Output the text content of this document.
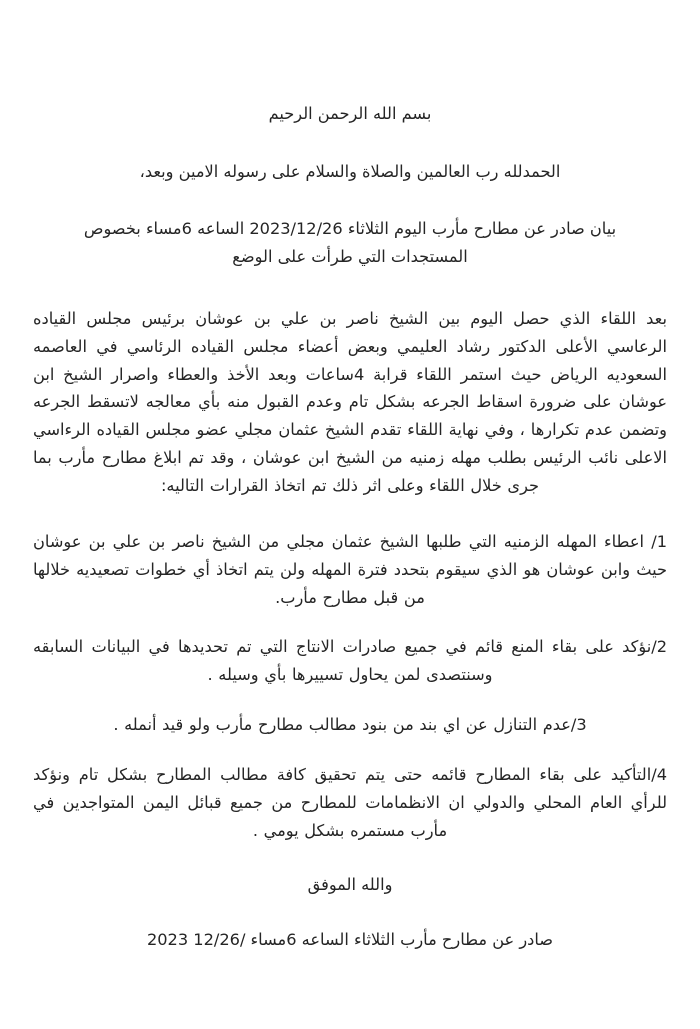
بسم الله الرحمن الرحيم

الحمدلله رب العالمين والصلاة والسلام على رسوله الامين وبعد،

بيان صادر عن مطارح مأرب اليوم الثلاثاء 2023/12/26 الساعه 6مساء بخصوص المستجدات التي طرأت على الوضع

بعد اللقاء الذي حصل اليوم بين الشيخ ناصر بن علي بن عوشان برئيس مجلس القياده الرعاسي الأعلى الدكتور رشاد العليمي وبعض أعضاء مجلس القياده الرئاسي في العاصمه السعوديه الرياض حيث استمر اللقاء قرابة 4ساعات وبعد الأخذ والعطاء واصرار الشيخ ابن عوشان على ضرورة اسقاط الجرعه بشكل تام وعدم القبول منه بأي معالجه لاتسقط الجرعه وتضمن عدم تكرارها ، وفي نهاية اللقاء تقدم الشيخ عثمان مجلي عضو مجلس القياده الرءاسي الاعلى نائب الرئيس بطلب مهله زمنيه من الشيخ ابن عوشان ، وقد تم ابلاغ مطارح مأرب بما جرى خلال اللقاء وعلى اثر ذلك تم اتخاذ القرارات التاليه:

1/ اعطاء المهله الزمنيه التي طلبها الشيخ عثمان مجلي من الشيخ ناصر بن علي بن عوشان حيث وابن عوشان هو الذي سيقوم بتحدد فترة المهله ولن يتم اتخاذ أي خطوات تصعيديه خلالها من قبل مطارح مأرب.

2/نؤكد على بقاء المنع قائم في جميع صادرات الانتاج التي تم تحديدها في البيانات السابقه وسنتصدى لمن يحاول تسييرها بأي وسيله .

3/عدم التنازل عن اي بند من بنود مطالب مطارح مأرب ولو قيد أنمله .

4/التأكيد على بقاء المطارح قائمه حتى يتم تحقيق كافة مطالب المطارح بشكل تام ونؤكد للرأي العام المحلي والدولي ان الانظمامات للمطارح من جميع قبائل اليمن المتواجدين في مأرب مستمره بشكل يومي .

والله الموفق

صادر عن مطارح مأرب الثلاثاء الساعه 6مساء /12/26 2023
